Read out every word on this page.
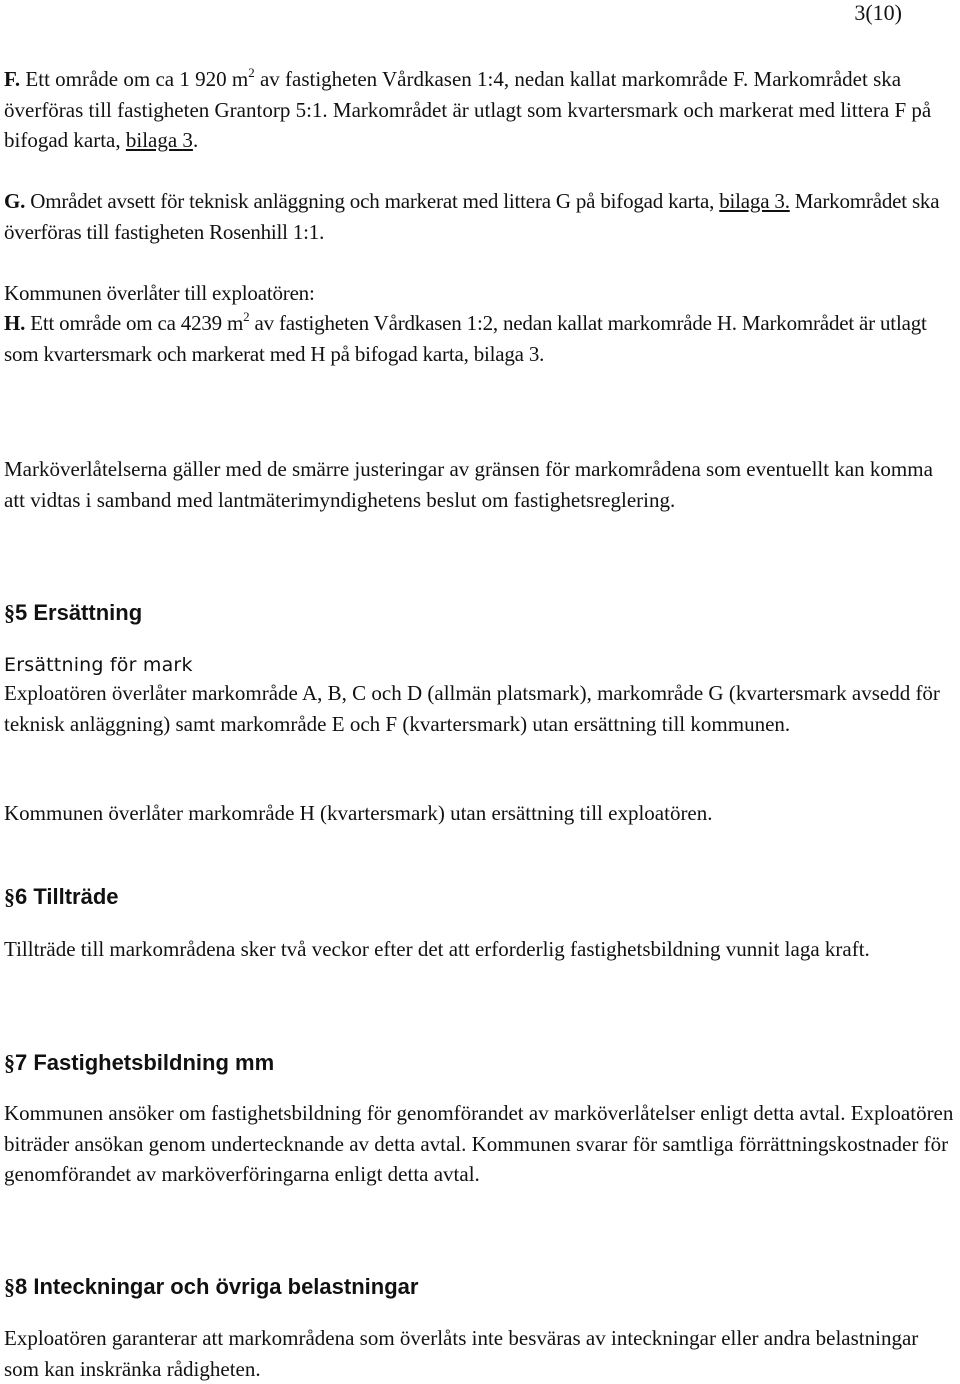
3(10)
F. Ett område om ca 1 920 $m^2$ av fastigheten Vårdkasen 1:4, nedan kallat markområde F. Markområdet ska överföras till fastigheten Grantorp 5:1. Markområdet är utlagt som kvartersmark och markerat med littera F på bifogad karta, bilaga 3.
G. Området avsett för teknisk anläggning och markerat med littera G på bifogad karta, bilaga 3. Markområdet ska överföras till fastigheten Rosenhill 1:1.
Kommunen överlåter till exploatören:
H. Ett område om ca 4239 $m^2$ av fastigheten Vårdkasen 1:2, nedan kallat markområde H. Markområdet är utlagt som kvartersmark och markerat med H på bifogad karta, bilaga 3.
Marköverlåtelserna gäller med de smärre justeringar av gränsen för markområdena som eventuellt kan komma att vidtas i samband med lantmäterimyndighetens beslut om fastighetsreglering.
§5 Ersättning
Ersättning för mark
Exploatören överlåter markområde A, B, C och D (allmän platsmark), markområde G (kvartersmark avsedd för teknisk anläggning) samt markområde E och F (kvartersmark) utan ersättning till kommunen.
Kommunen överlåter markområde H (kvartersmark) utan ersättning till exploatören.
§6 Tillträde
Tillträde till markområdena sker två veckor efter det att erforderlig fastighetsbildning vunnit laga kraft.
§7 Fastighetsbildning mm
Kommunen ansöker om fastighetsbildning för genomförandet av marköverlåtelser enligt detta avtal. Exploatören biträder ansökan genom undertecknande av detta avtal. Kommunen svarar för samtliga förrättningskostnader för genomförandet av marköverföringarna enligt detta avtal.
§8 Inteckningar och övriga belastningar
Exploatören garanterar att markområdena som överlåts inte besväras av inteckningar eller andra belastningar som kan inskränka rådigheten.
